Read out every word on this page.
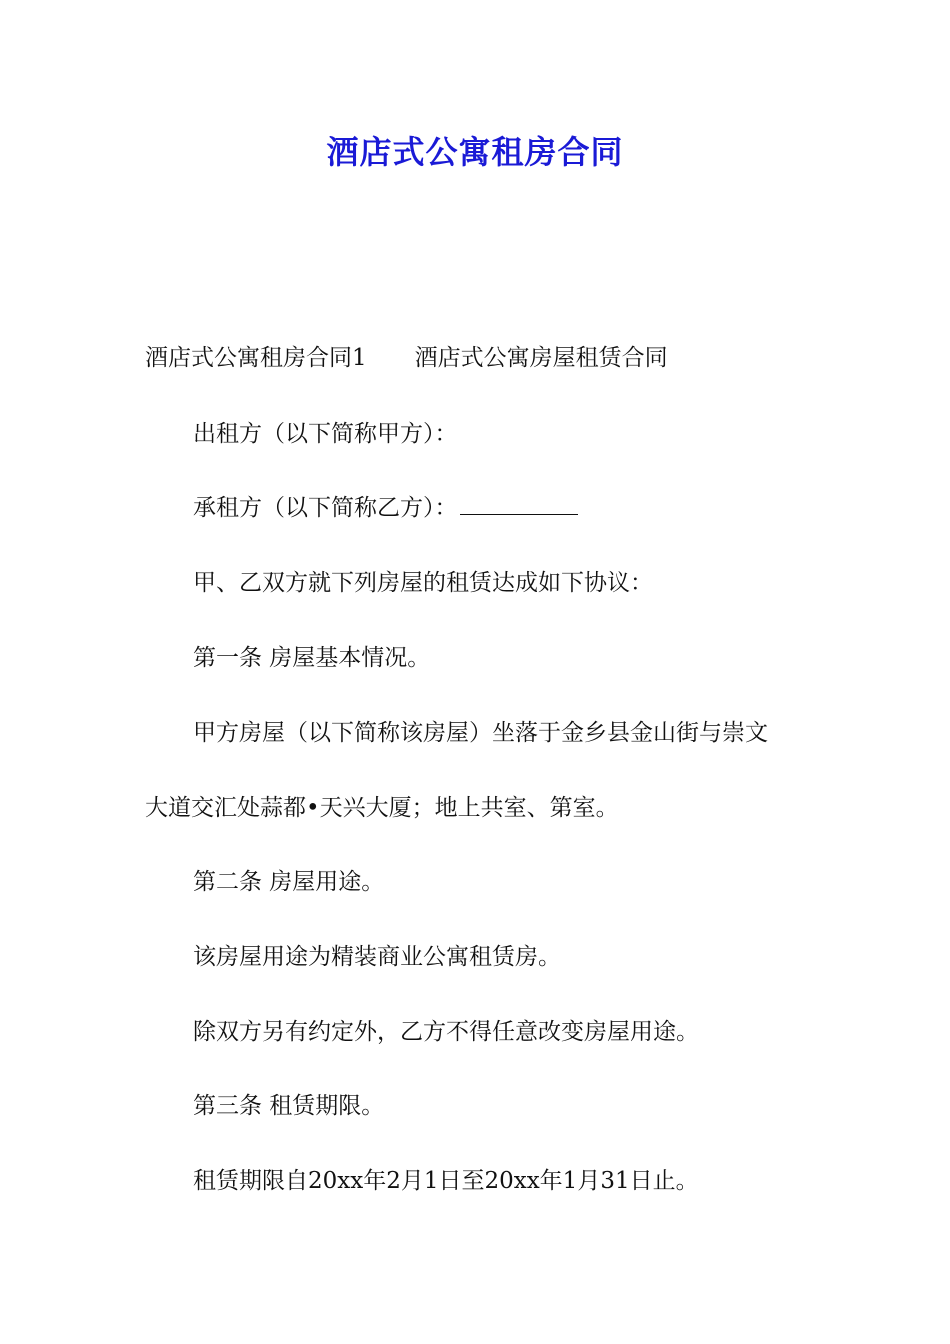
酒店式公寓租房合同
酒店式公寓租房合同1 酒店式公寓房屋租赁合同
出租方（以下简称甲方）：
承租方（以下简称乙方）：
甲、乙双方就下列房屋的租赁达成如下协议：
第一条 房屋基本情况。
甲方房屋（以下简称该房屋）坐落于金乡县金山街与崇文
大道交汇处蒜都•天兴大厦；地上共室、第室。
第二条 房屋用途。
该房屋用途为精装商业公寓租赁房。
除双方另有约定外，乙方不得任意改变房屋用途。
第三条 租赁期限。
租赁期限自20xx年2月1日至20xx年1月31日止。
